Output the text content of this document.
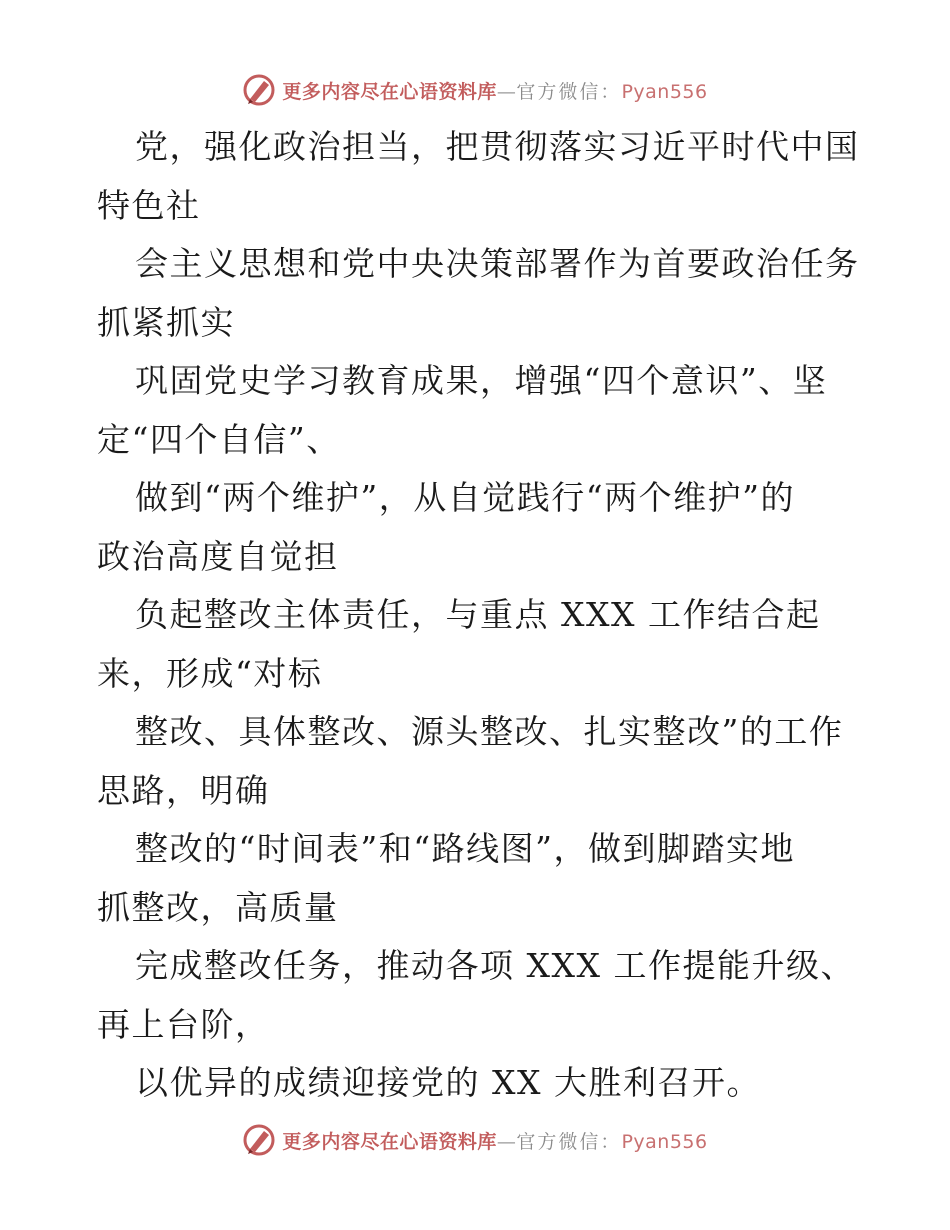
更多内容尽在心语资料库—官方微信：Pyan556
党，强化政治担当，把贯彻落实习近平时代中国
特色社
会主义思想和党中央决策部署作为首要政治任务
抓紧抓实
巩固党史学习教育成果，增强“四个意识”、坚
定“四个自信”、
做到“两个维护”，从自觉践行“两个维护”的
政治高度自觉担
负起整改主体责任，与重点 XXX 工作结合起
来，形成“对标
整改、具体整改、源头整改、扎实整改”的工作
思路，明确
整改的“时间表”和“路线图”，做到脚踏实地
抓整改，高质量
完成整改任务，推动各项 XXX 工作提能升级、
再上台阶，
以优异的成绩迎接党的 XX 大胜利召开。
更多内容尽在心语资料库—官方微信：Pyan556
